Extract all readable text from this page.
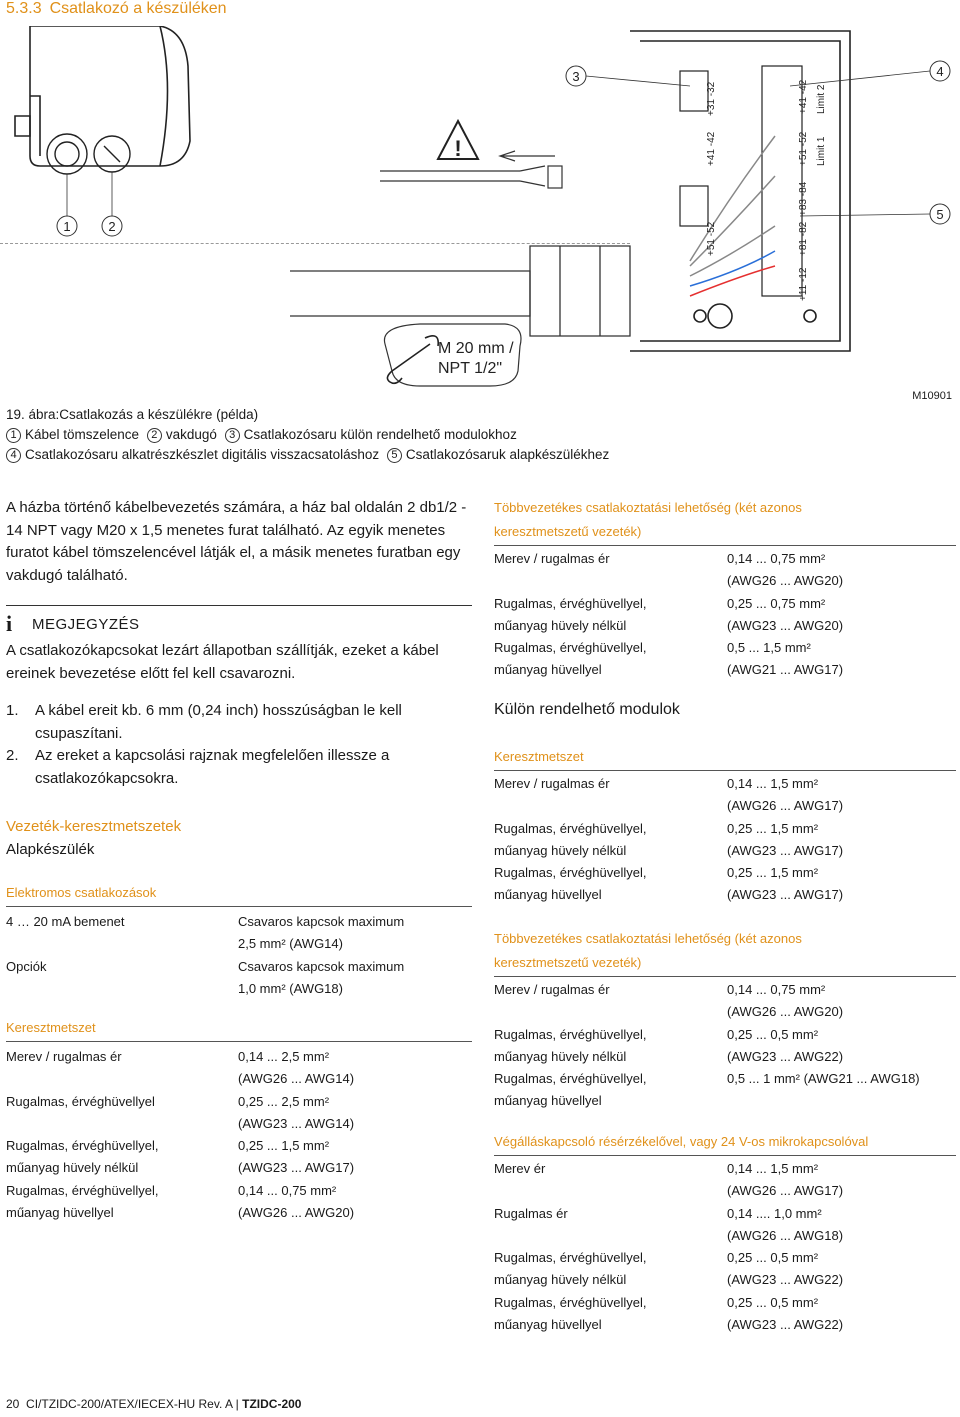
5.3.3 Csatlakozó a készüléken
1	2
!
M 20 mm /
NPT 1/2"
+41 -42
+31 -32
+51 -52
+41 -42 Limit 2
+51 -52 Limit 1
+83 -84
+81 -82
+11 -12
3	4
5
M10901
19. ábra:Csatlakozás a készülékre (példa)
1 Kábel tömszelence 2 vakdugó 3 Csatlakozósaru külön rendelhető modulokhoz
4 Csatlakozósaru alkatrészkészlet digitális visszacsatoláshoz 5 Csatlakozósaruk alapkészülékhez
A házba történő kábelbevezetés számára, a ház bal oldalán 2 db1/2 - 14 NPT vagy M20 x 1,5 menetes furat található. Az egyik menetes furatot kábel tömszelencével látják el, a másik menetes furatban egy vakdugó található.
i	MEGJEGYZÉS
A csatlakozókapcsokat lezárt állapotban szállítják, ezeket a kábel ereinek bevezetése előtt fel kell csavarozni.
1.	A kábel ereit kb. 6 mm (0,24 inch) hosszúságban le kell csupaszítani.
2.	Az ereket a kapcsolási rajznak megfelelően illessze a csatlakozókapcsokra.
Vezeték-keresztmetszetek
Alapkészülék
Elektromos csatlakozások
4 … 20 mA bemenet	Csavaros kapcsok maximum
2,5 mm² (AWG14)
Opciók	Csavaros kapcsok maximum
1,0 mm² (AWG18)
Keresztmetszet
Merev / rugalmas ér	0,14 ... 2,5 mm²
(AWG26 ... AWG14)
Rugalmas, érvéghüvellyel	0,25 ... 2,5 mm²
(AWG23 ... AWG14)
Rugalmas, érvéghüvellyel,	0,25 ... 1,5 mm²
műanyag hüvely nélkül	(AWG23 ... AWG17)
Rugalmas, érvéghüvellyel,	0,14 ... 0,75 mm²
műanyag hüvellyel	(AWG26 ... AWG20)
Többvezetékes csatlakoztatási lehetőség (két azonos
keresztmetszetű vezeték)
Merev / rugalmas ér	0,14 ... 0,75 mm²
(AWG26 ... AWG20)
Rugalmas, érvéghüvellyel,	0,25 ... 0,75 mm²
műanyag hüvely nélkül	(AWG23 ... AWG20)
Rugalmas, érvéghüvellyel,	0,5 ... 1,5 mm²
műanyag hüvellyel	(AWG21 ... AWG17)
Külön rendelhető modulok
Keresztmetszet
Merev / rugalmas ér	0,14 ... 1,5 mm²
(AWG26 ... AWG17)
Rugalmas, érvéghüvellyel,	0,25 ... 1,5 mm²
műanyag hüvely nélkül	(AWG23 ... AWG17)
Rugalmas, érvéghüvellyel,	0,25 ... 1,5 mm²
műanyag hüvellyel	(AWG23 ... AWG17)
Többvezetékes csatlakoztatási lehetőség (két azonos
keresztmetszetű vezeték)
Merev / rugalmas ér	0,14 ... 0,75 mm²
(AWG26 ... AWG20)
Rugalmas, érvéghüvellyel,	0,25 ... 0,5 mm²
műanyag hüvely nélkül	(AWG23 ... AWG22)
Rugalmas, érvéghüvellyel,	0,5 ... 1 mm² (AWG21 ... AWG18)
műanyag hüvellyel
Végálláskapcsoló résérzékelővel, vagy 24 V-os mikrokapcsolóval
Merev ér	0,14 ... 1,5 mm²
(AWG26 ... AWG17)
Rugalmas ér	0,14 .... 1,0 mm²
(AWG26 ... AWG18)
Rugalmas, érvéghüvellyel,	0,25 ... 0,5 mm²
műanyag hüvely nélkül	(AWG23 ... AWG22)
Rugalmas, érvéghüvellyel,	0,25 ... 0,5 mm²
műanyag hüvellyel	(AWG23 ... AWG22)
20 CI/TZIDC-200/ATEX/IECEX-HU Rev. A | TZIDC-200
